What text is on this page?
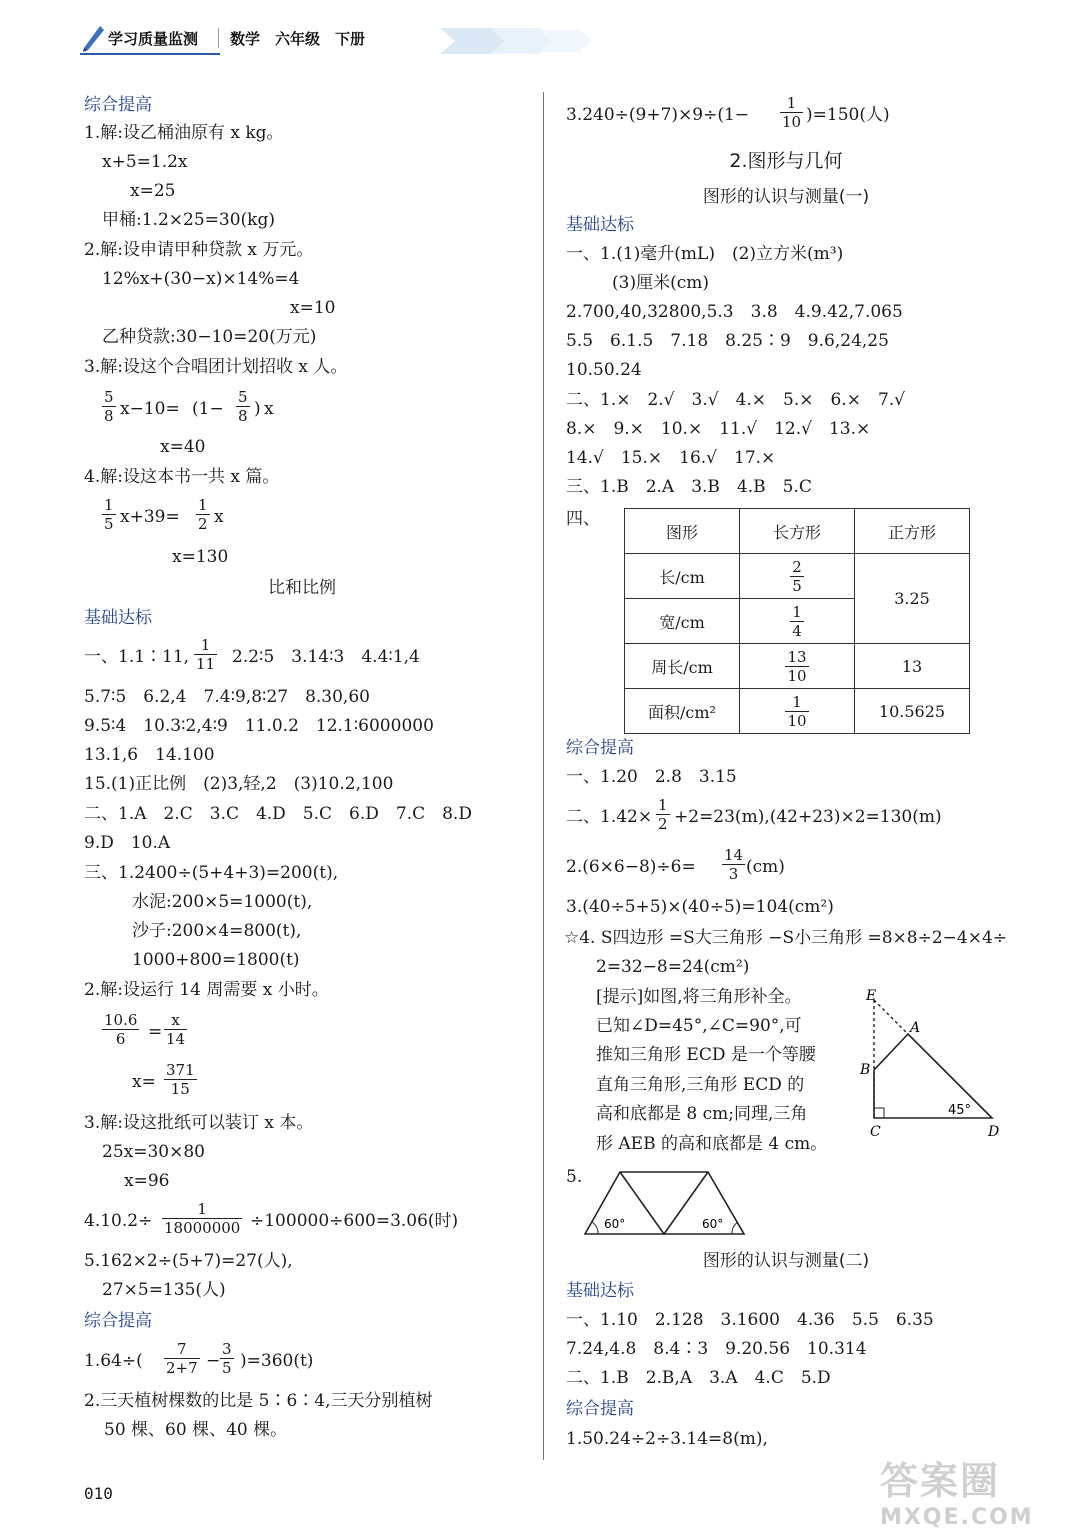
学习质量监测 数学　六年级　下册
综合提高
1.解:设乙桶油原有 x kg。
x+5=1.2x
x=25
甲桶:1.2×25=30(kg)
2.解:设申请甲种贷款 x 万元。
12%x+(30−x)×14%=4
x=10
乙种贷款:30−10=20(万元)
3.解:设这个合唱团计划招收 x 人。
$\frac{5}{8} x-10= (1- \frac{5}{8}$ ) x
x=40
4.解:设这本书一共 x 篇。
$\frac{1}{5} x+39= \frac{1}{2}$ x
x=130
比和比例
基础达标
一、1.1∶11, $\frac{1}{11}$ 2.2∶5　3.14∶3　4.4∶1,4
5.7∶5　6.2,4　7.4∶9,8∶27　8.30,60
9.5∶4　10.3∶2,4∶9　11.0.2　12.1∶6000000
13.1,6　14.100
15.(1)正比例　(2)3,轻,2　(3)10.2,100
二、1.A　2.C　3.C　4.D　5.C　6.D　7.C　8.D
9.D　10.A
三、1.2400÷(5+4+3)=200(t),
水泥:200×5=1000(t),
沙子:200×4=800(t),
1000+800=1800(t)
2.解:设运行 14 周需要 x 小时。
$\frac{10.6}{6} = \frac{x}{14}$
$x= \frac{371}{15}$
3.解:设这批纸可以装订 x 本。
25x=30×80
x=96
$4.10.2\div \frac{1}{18000000} \div 100000\div 600=3.06$(时)
5.162×2÷(5+7)=27(人),
27×5=135(人)
综合提高
$1.64\div( \frac{7}{2+7} - \frac{3}{5} )=360(t)$
2.三天植树棵数的比是 5∶6∶4,三天分别植树
50 棵、60 棵、40 棵。
$3.240\div(9+7)\times 9\div(1- \frac{1}{10} )=150$(人)
2.图形与几何
图形的认识与测量(一)
基础达标
一、1.(1)毫升(mL)　(2)立方米(m³)
(3)厘米(cm)
2.700,40,32800,5.3　3.8　4.9.42,7.065
5.5　6.1.5　7.18　8.25∶9　9.6,24,25
10.50.24
二、1.×　2.√　3.√　4.×　5.×　6.×　7.√
8.×　9.×　10.×　11.√　12.√　13.×
14.√　15.×　16.√　17.×
三、1.B　2.A　3.B　4.B　5.C
四、
图形	长方形	正方形
长/cm	$\frac{2}{5}$	3.25
宽/cm	$\frac{1}{4}$

周长/cm	$\frac{13}{10}$	13
面积/cm²	$\frac{1}{10}$	10.5625
综合提高
一、1.20　2.8　3.15
二、$1.42\times \frac{1}{2} +2=23(m),(42+23)\times 2=130(m)$
$2.(6\times 6-8)\div 6= \frac{14}{3} (cm)$
3.(40÷5+5)×(40÷5)=104(cm²)
☆4. S四边形 =S大三角形 −S小三角形 =8×8÷2−4×4÷
2=32−8=24(cm²)
[提示]如图,将三角形补全。
已知∠D=45°,∠C=90°,可
推知三角形 ECD 是一个等腰
直角三角形,三角形 ECD 的
高和底都是 8 cm;同理,三角
形 AEB 的高和底都是 4 cm。
E
A
B
C	D
45°
5.
60°	60°
图形的认识与测量(二)
基础达标
一、1.10　2.128　3.1600　4.36　5.5　6.35
7.24,4.8　8.4∶3　9.20.56　10.314
二、1.B　2.B,A　3.A　4.C　5.D
综合提高
1.50.24÷2÷3.14=8(m),
010	答案圈
MXQE.COM
